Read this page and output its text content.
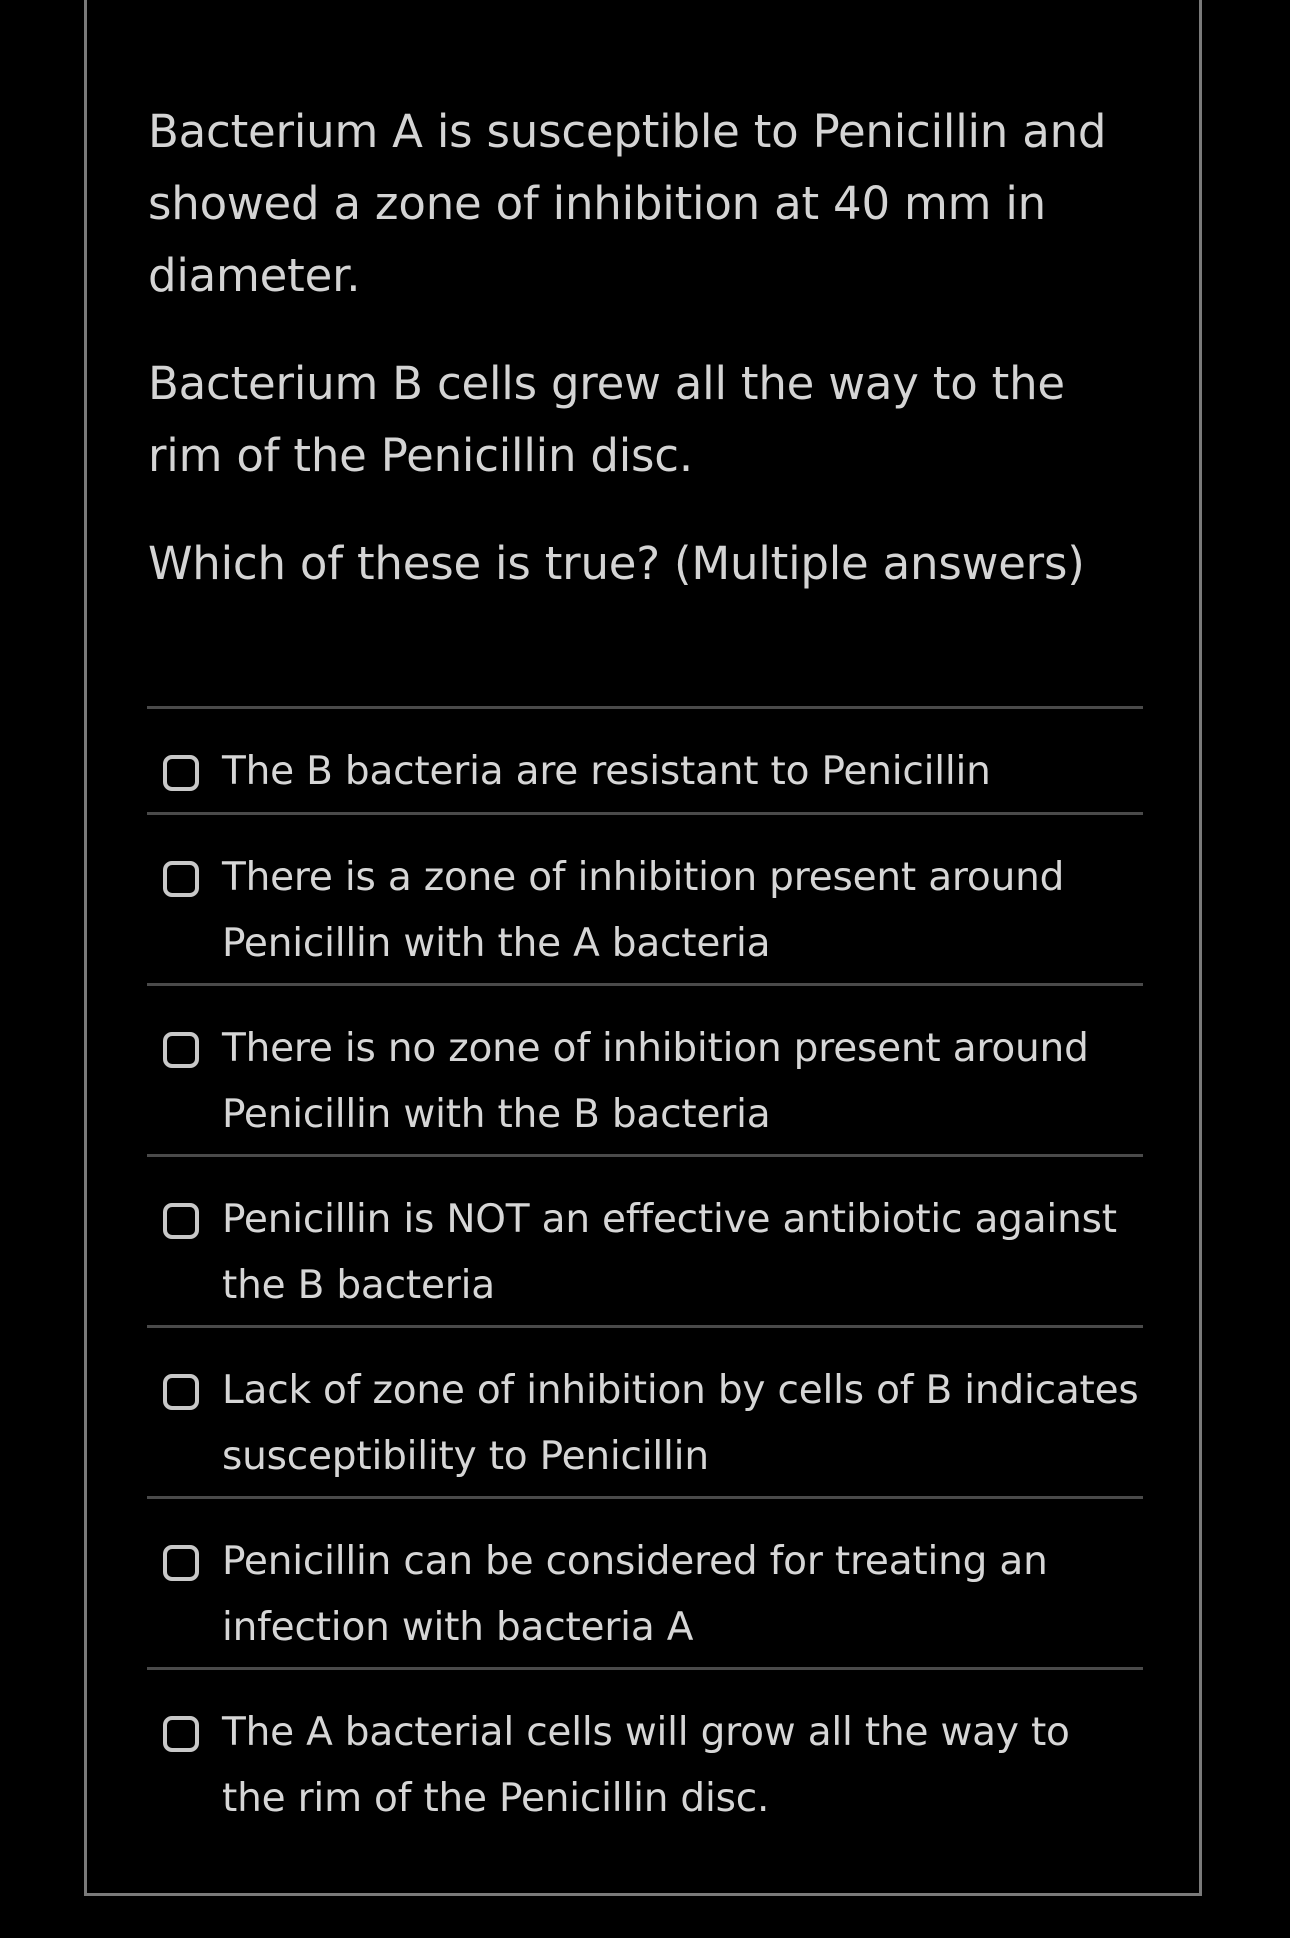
Bacterium A is susceptible to Penicillin and showed a zone of inhibition at 40 mm in diameter.

Bacterium B cells grew all the way to the rim of the Penicillin disc.

Which of these is true? (Multiple answers)

The B bacteria are resistant to Penicillin
There is a zone of inhibition present around Penicillin with the A bacteria
There is no zone of inhibition present around Penicillin with the B bacteria
Penicillin is NOT an effective antibiotic against the B bacteria
Lack of zone of inhibition by cells of B indicates susceptibility to Penicillin
Penicillin can be considered for treating an infection with bacteria A
The A bacterial cells will grow all the way to the rim of the Penicillin disc.
